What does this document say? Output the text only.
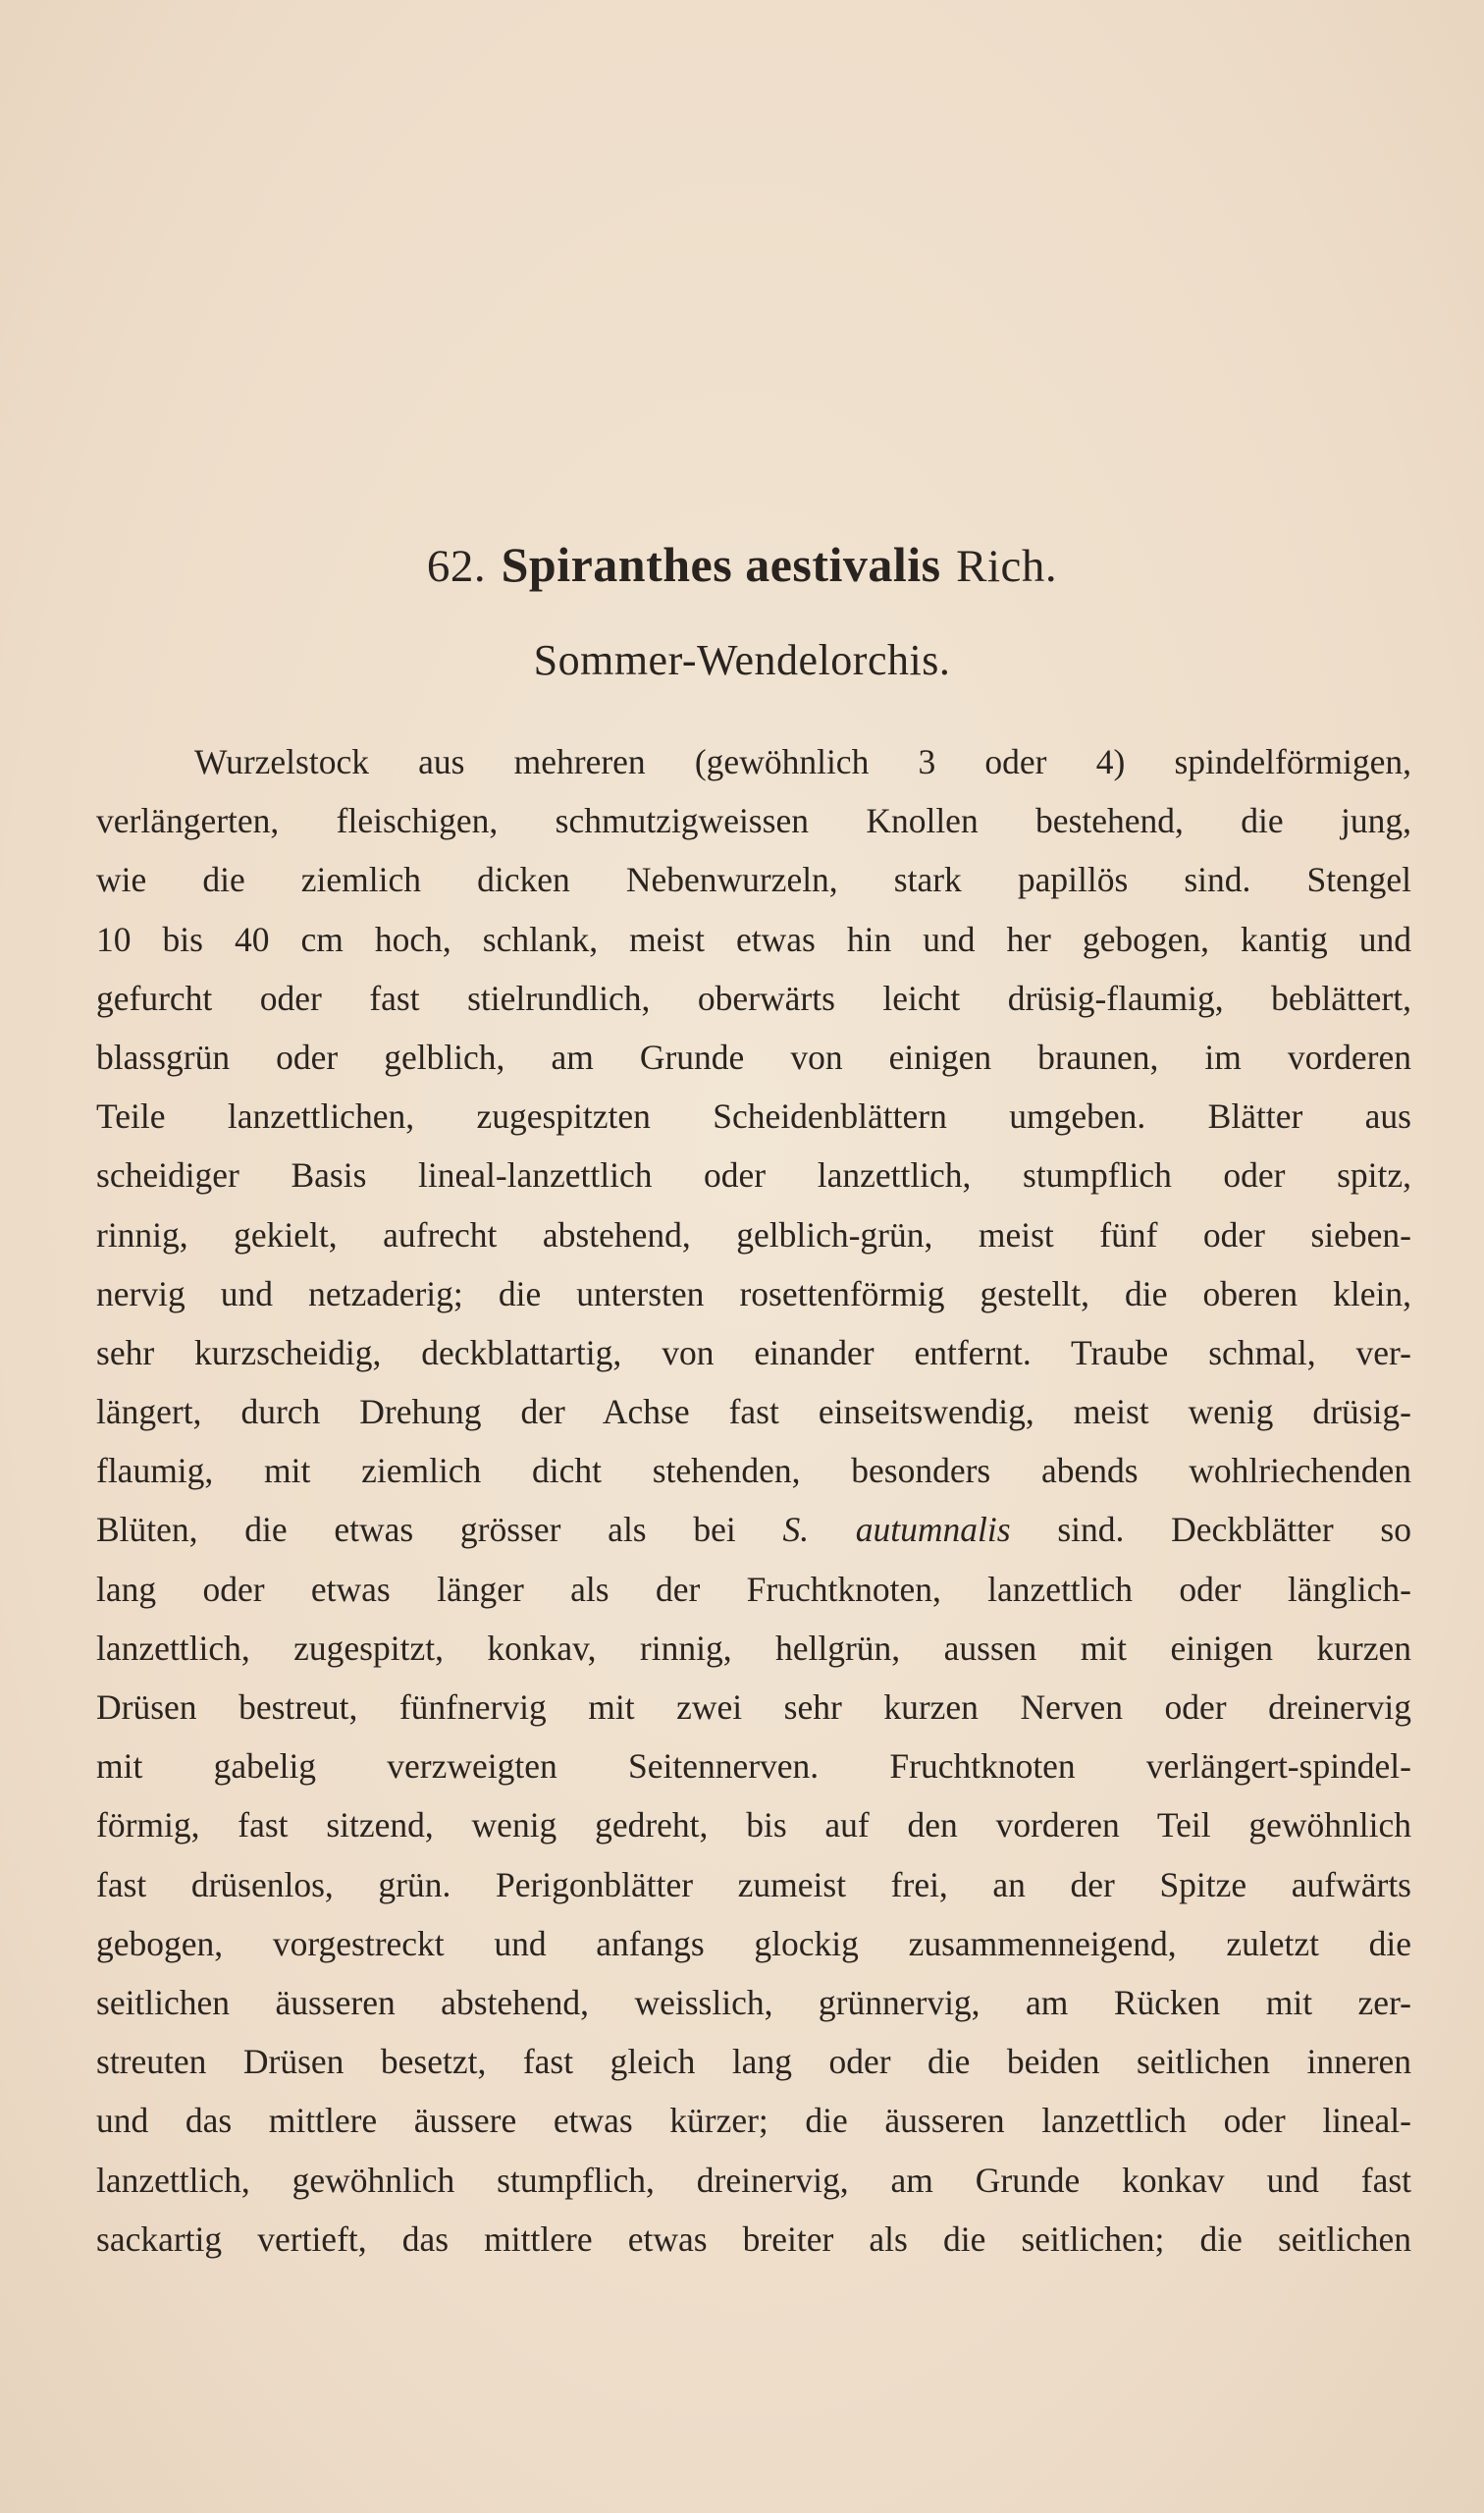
62. Spiranthes aestivalis Rich.
Sommer-Wendelorchis.
Wurzelstock aus mehreren (gewöhnlich 3 oder 4) spindelförmigen,
verlängerten, fleischigen, schmutzigweissen Knollen bestehend, die jung,
wie die ziemlich dicken Nebenwurzeln, stark papillös sind. Stengel
10 bis 40 cm hoch, schlank, meist etwas hin und her gebogen, kantig und
gefurcht oder fast stielrundlich, oberwärts leicht drüsig-flaumig, beblättert,
blassgrün oder gelblich, am Grunde von einigen braunen, im vorderen
Teile lanzettlichen, zugespitzten Scheidenblättern umgeben. Blätter aus
scheidiger Basis lineal-lanzettlich oder lanzettlich, stumpflich oder spitz,
rinnig, gekielt, aufrecht abstehend, gelblich-grün, meist fünf oder sieben-
nervig und netzaderig; die untersten rosettenförmig gestellt, die oberen klein,
sehr kurzscheidig, deckblattartig, von einander entfernt. Traube schmal, ver-
längert, durch Drehung der Achse fast einseitswendig, meist wenig drüsig-
flaumig, mit ziemlich dicht stehenden, besonders abends wohlriechenden
Blüten, die etwas grösser als bei S. autumnalis sind. Deckblätter so
lang oder etwas länger als der Fruchtknoten, lanzettlich oder länglich-
lanzettlich, zugespitzt, konkav, rinnig, hellgrün, aussen mit einigen kurzen
Drüsen bestreut, fünfnervig mit zwei sehr kurzen Nerven oder dreinervig
mit gabelig verzweigten Seitennerven. Fruchtknoten verlängert-spindel-
förmig, fast sitzend, wenig gedreht, bis auf den vorderen Teil gewöhnlich
fast drüsenlos, grün. Perigonblätter zumeist frei, an der Spitze aufwärts
gebogen, vorgestreckt und anfangs glockig zusammenneigend, zuletzt die
seitlichen äusseren abstehend, weisslich, grünnervig, am Rücken mit zer-
streuten Drüsen besetzt, fast gleich lang oder die beiden seitlichen inneren
und das mittlere äussere etwas kürzer; die äusseren lanzettlich oder lineal-
lanzettlich, gewöhnlich stumpflich, dreinervig, am Grunde konkav und fast
sackartig vertieft, das mittlere etwas breiter als die seitlichen; die seitlichen
